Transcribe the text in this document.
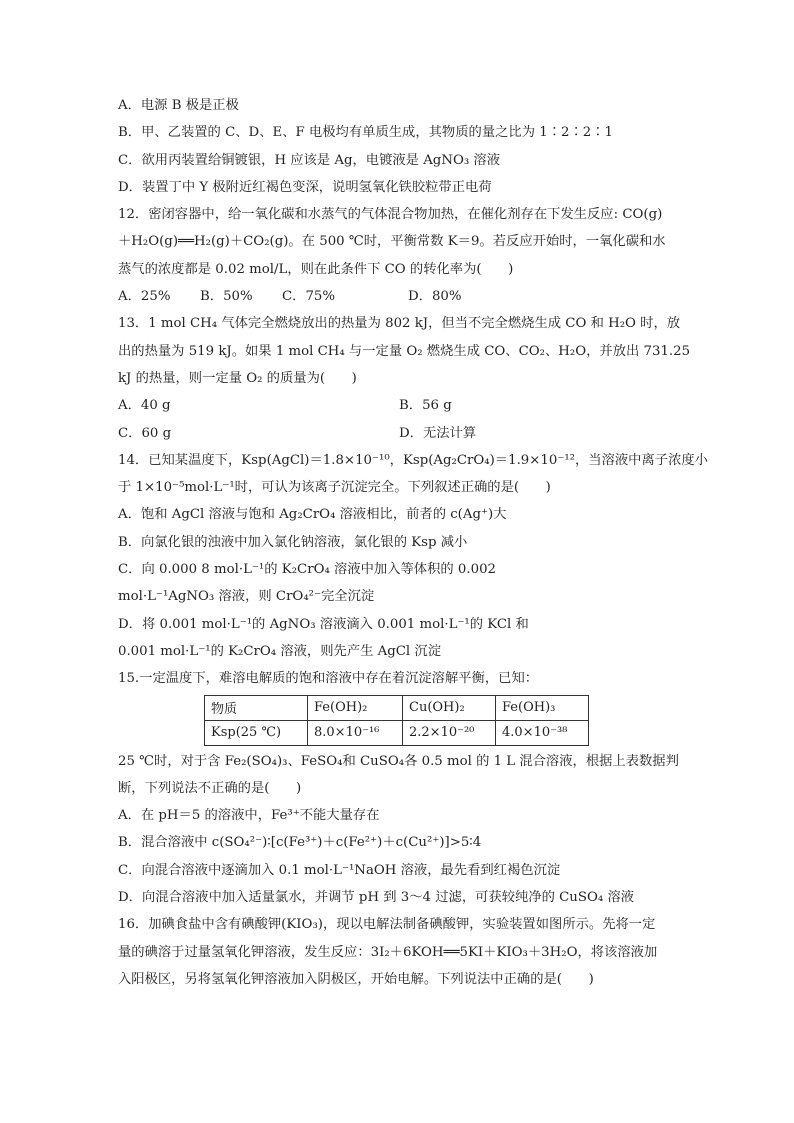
A．电源 B 极是正极
B．甲、乙装置的 C、D、E、F 电极均有单质生成，其物质的量之比为 1∶2∶2∶1
C．欲用丙装置给铜镀银，H 应该是 Ag，电镀液是 AgNO₃ 溶液
D．装置丁中 Y 极附近红褐色变深，说明氢氧化铁胶粒带正电荷
12．密闭容器中，给一氧化碳和水蒸气的气体混合物加热，在催化剂存在下发生反应: CO(g)
＋H₂O(g)══H₂(g)＋CO₂(g)。在 500 ℃时，平衡常数 K＝9。若反应开始时，一氧化碳和水
蒸气的浓度都是 0.02 mol/L，则在此条件下 CO 的转化率为(　　)
A．25%	B．50%	C．75%	D．80%
13．1 mol CH₄ 气体完全燃烧放出的热量为 802 kJ，但当不完全燃烧生成 CO 和 H₂O 时，放
出的热量为 519 kJ。如果 1 mol CH₄ 与一定量 O₂ 燃烧生成 CO、CO₂、H₂O，并放出 731.25
kJ 的热量，则一定量 O₂ 的质量为(　　)
A．40 g	B．56 g
C．60 g	D．无法计算
14．已知某温度下，Ksp(AgCl)＝1.8×10⁻¹⁰，Ksp(Ag₂CrO₄)＝1.9×10⁻¹²，当溶液中离子浓度小
于 1×10⁻⁵mol·L⁻¹时，可认为该离子沉淀完全。下列叙述正确的是(　　)
A．饱和 AgCl 溶液与饱和 Ag₂CrO₄ 溶液相比，前者的 c(Ag⁺)大
B．向氯化银的浊液中加入氯化钠溶液，氯化银的 Ksp 减小
C．向 0.000 8 mol·L⁻¹的 K₂CrO₄ 溶液中加入等体积的 0.002
mol·L⁻¹AgNO₃ 溶液，则 CrO₄²⁻完全沉淀
D．将 0.001 mol·L⁻¹的 AgNO₃ 溶液滴入 0.001 mol·L⁻¹的 KCl 和
0.001 mol·L⁻¹的 K₂CrO₄ 溶液，则先产生 AgCl 沉淀
15.一定温度下，难溶电解质的饱和溶液中存在着沉淀溶解平衡，已知：
物质	Fe(OH)₂	Cu(OH)₂	Fe(OH)₃
Ksp(25 ℃)	8.0×10⁻¹⁶	2.2×10⁻²⁰	4.0×10⁻³⁸
25 ℃时，对于含 Fe₂(SO₄)₃、FeSO₄和 CuSO₄各 0.5 mol 的 1 L 混合溶液，根据上表数据判
断，下列说法不正确的是(　　)
A．在 pH＝5 的溶液中，Fe³⁺不能大量存在
B．混合溶液中 c(SO₄²⁻)∶[c(Fe³⁺)＋c(Fe²⁺)＋c(Cu²⁺)]>5∶4
C．向混合溶液中逐滴加入 0.1 mol·L⁻¹NaOH 溶液，最先看到红褐色沉淀
D．向混合溶液中加入适量氯水，并调节 pH 到 3～4 过滤，可获较纯净的 CuSO₄ 溶液
16．加碘食盐中含有碘酸钾(KIO₃)，现以电解法制备碘酸钾，实验装置如图所示。先将一定
量的碘溶于过量氢氧化钾溶液，发生反应：3I₂＋6KOH══5KI＋KIO₃＋3H₂O，将该溶液加
入阳极区，另将氢氧化钾溶液加入阴极区，开始电解。下列说法中正确的是(　　)
